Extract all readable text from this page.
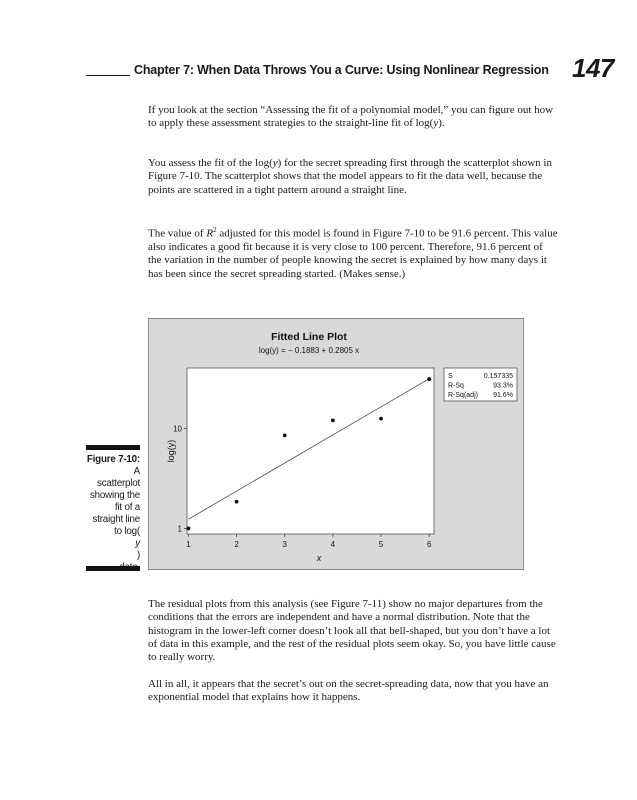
Chapter 7: When Data Throws You a Curve: Using Nonlinear Regression 147

If you look at the section “Assessing the fit of a polynomial model,” you can figure out how to apply these assessment strategies to the straight-line fit of log(y).

You assess the fit of the log(y) for the secret spreading first through the scatterplot shown in Figure 7-10. The scatterplot shows that the model appears to fit the data well, because the points are scattered in a tight pattern around a straight line.

The value of $R^2$ adjusted for this model is found in Figure 7-10 to be 91.6 percent. This value also indicates a good fit because it is very close to 100 percent. Therefore, 91.6 percent of the variation in the number of people knowing the secret is explained by how many days it has been since the secret spreading started. (Makes sense.)

Fitted Line Plot
log(y) = − 0.1883 + 0.2805 x
1	2	3	4	5	6
1
10
x
log(y)
S	0.157335
R-Sq	93.3%
R-Sq(adj) 91.6%
Figure 7-10:
A
scatterplot
showing the
fit of a
straight line
to log(
y
)

The residual plots from this analysis (see Figure 7-11) show no major departures from the conditions that the errors are independent and have a normal distribution. Note that the histogram in the lower-left corner doesn’t look all that bell-shaped, but you don’t have a lot of data in this example, and the rest of the residual plots seem okay. So, you have little cause to really worry.

All in all, it appears that the secret’s out on the secret-spreading data, now that you have an exponential model that explains how it happens.
